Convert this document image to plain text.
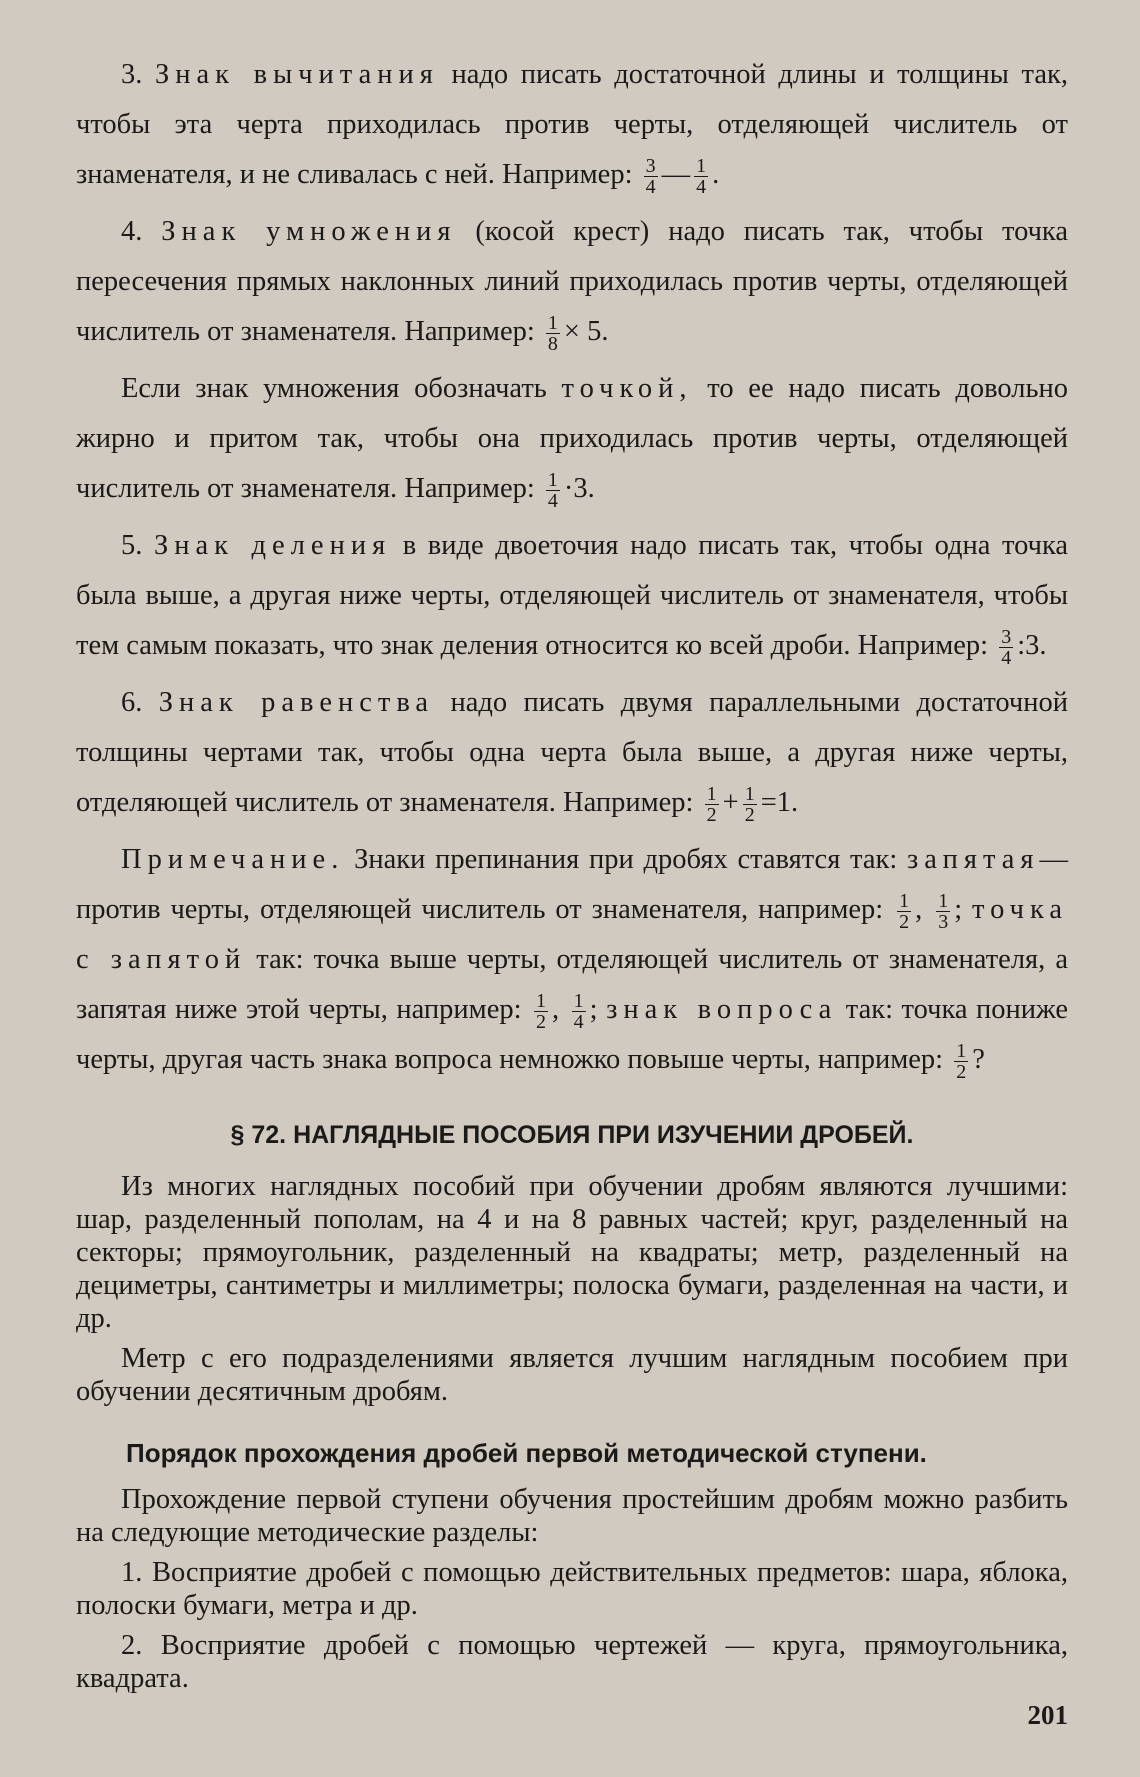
3. Знак вычитания надо писать достаточной длины и толщины так, чтобы эта черта приходилась против черты, отделяющей числитель от знаменателя, и не сливалась с ней. Например: $\frac{3}{4}$ — $\frac{1}{4}$ .

4. Знак умножения (косой крест) надо писать так, чтобы точка пересечения прямых наклонных линий приходилась против черты, отделяющей числитель от знаменателя. Например: $\frac{1}{8} \times 5$.

Если знак умножения обозначать точкой, то ее надо писать довольно жирно и притом так, чтобы она приходилась против черты, отделяющей числитель от знаменателя. Например: $\frac{1}{4} \cdot 3$.

5. Знак деления в виде двоеточия надо писать так, чтобы одна точка была выше, а другая ниже черты, отделяющей числитель от знаменателя, чтобы тем самым показать, что знак деления относится ко всей дроби. Например: $\frac{3}{4}$ :3.

6. Знак равенства надо писать двумя параллельными достаточной толщины чертами так, чтобы одна черта была выше, а другая ниже черты, отделяющей числитель от знаменателя. Например: $\frac{1}{2} + \frac{1}{2} =1$.

Примечание. Знаки препинания при дробях ставятся так: запятая— против черты, отделяющей числитель от знаменателя, например: $\frac{1}{2}$ , $\frac{1}{3}$ ; точка с запятой так: точка выше черты, отделяющей числитель от знаменателя, а запятая ниже этой черты, например: $\frac{1}{2}$ , $\frac{1}{4}$ ; знак вопроса так: точка пониже черты, другая часть знака вопроса немножко повыше черты, например: $\frac{1}{2}$ ?

§ 72. НАГЛЯДНЫЕ ПОСОБИЯ ПРИ ИЗУЧЕНИИ ДРОБЕЙ.

Из многих наглядных пособий при обучении дробям являются лучшими: шар, разделенный пополам, на 4 и на 8 равных частей; круг, разделенный на секторы; прямоугольник, разделенный на квадраты; метр, разделенный на дециметры, сантиметры и миллиметры; полоска бумаги, разделенная на части, и др.

Метр с его подразделениями является лучшим наглядным пособием при обучении десятичным дробям.

Порядок прохождения дробей первой методической ступени.

Прохождение первой ступени обучения простейшим дробям можно разбить на следующие методические разделы:

1. Восприятие дробей с помощью действительных предметов: шара, яблока, полоски бумаги, метра и др.

2. Восприятие дробей с помощью чертежей — круга, прямоугольника, квадрата.

201
